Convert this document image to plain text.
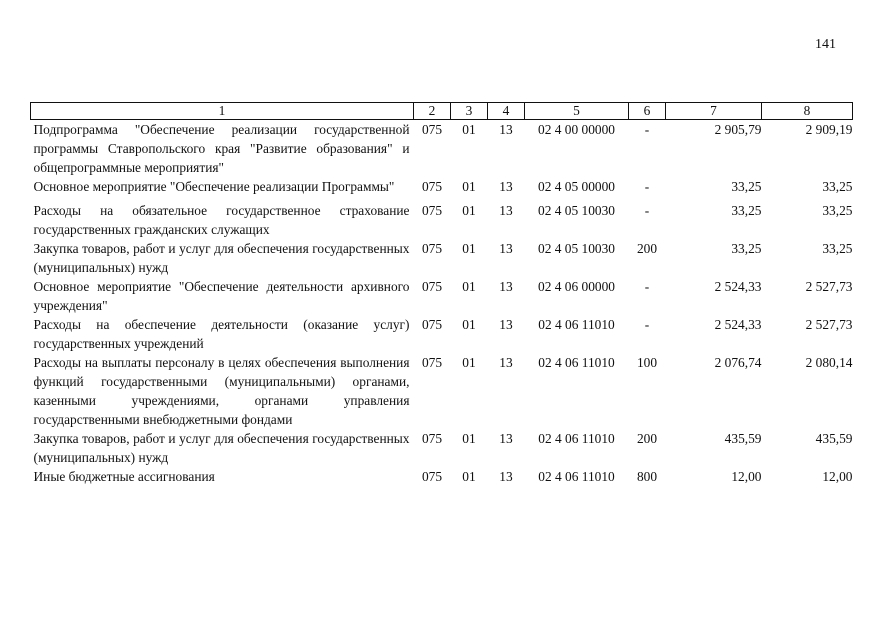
141
1	2	3	4	5	6	7	8
Подпрограмма "Обеспечение реализации государственной программы Ставропольского края "Развитие образования" и общепрограммные мероприятия"	075	01	13	02 4 00 00000	-	2 905,79	2 909,19
Основное мероприятие "Обеспечение реализации Программы"	075	01	13	02 4 05 00000	-	33,25	33,25
Расходы на обязательное государственное страхование государственных гражданских служащих	075	01	13	02 4 05 10030	-	33,25	33,25
Закупка товаров, работ и услуг для обеспечения государственных (муниципальных) нужд	075	01	13	02 4 05 10030	200	33,25	33,25
Основное мероприятие "Обеспечение деятельности архивного учреждения"	075	01	13	02 4 06 00000	-	2 524,33	2 527,73
Расходы на обеспечение деятельности (оказание услуг) государственных учреждений	075	01	13	02 4 06 11010	-	2 524,33	2 527,73
Расходы на выплаты персоналу в целях обеспечения выполнения функций государственными (муниципальными) органами, казенными учреждениями, органами управления государственными внебюджетными фондами	075	01	13	02 4 06 11010	100	2 076,74	2 080,14
Закупка товаров, работ и услуг для обеспечения государственных (муниципальных) нужд	075	01	13	02 4 06 11010	200	435,59	435,59
Иные бюджетные ассигнования	075	01	13	02 4 06 11010	800	12,00	12,00
